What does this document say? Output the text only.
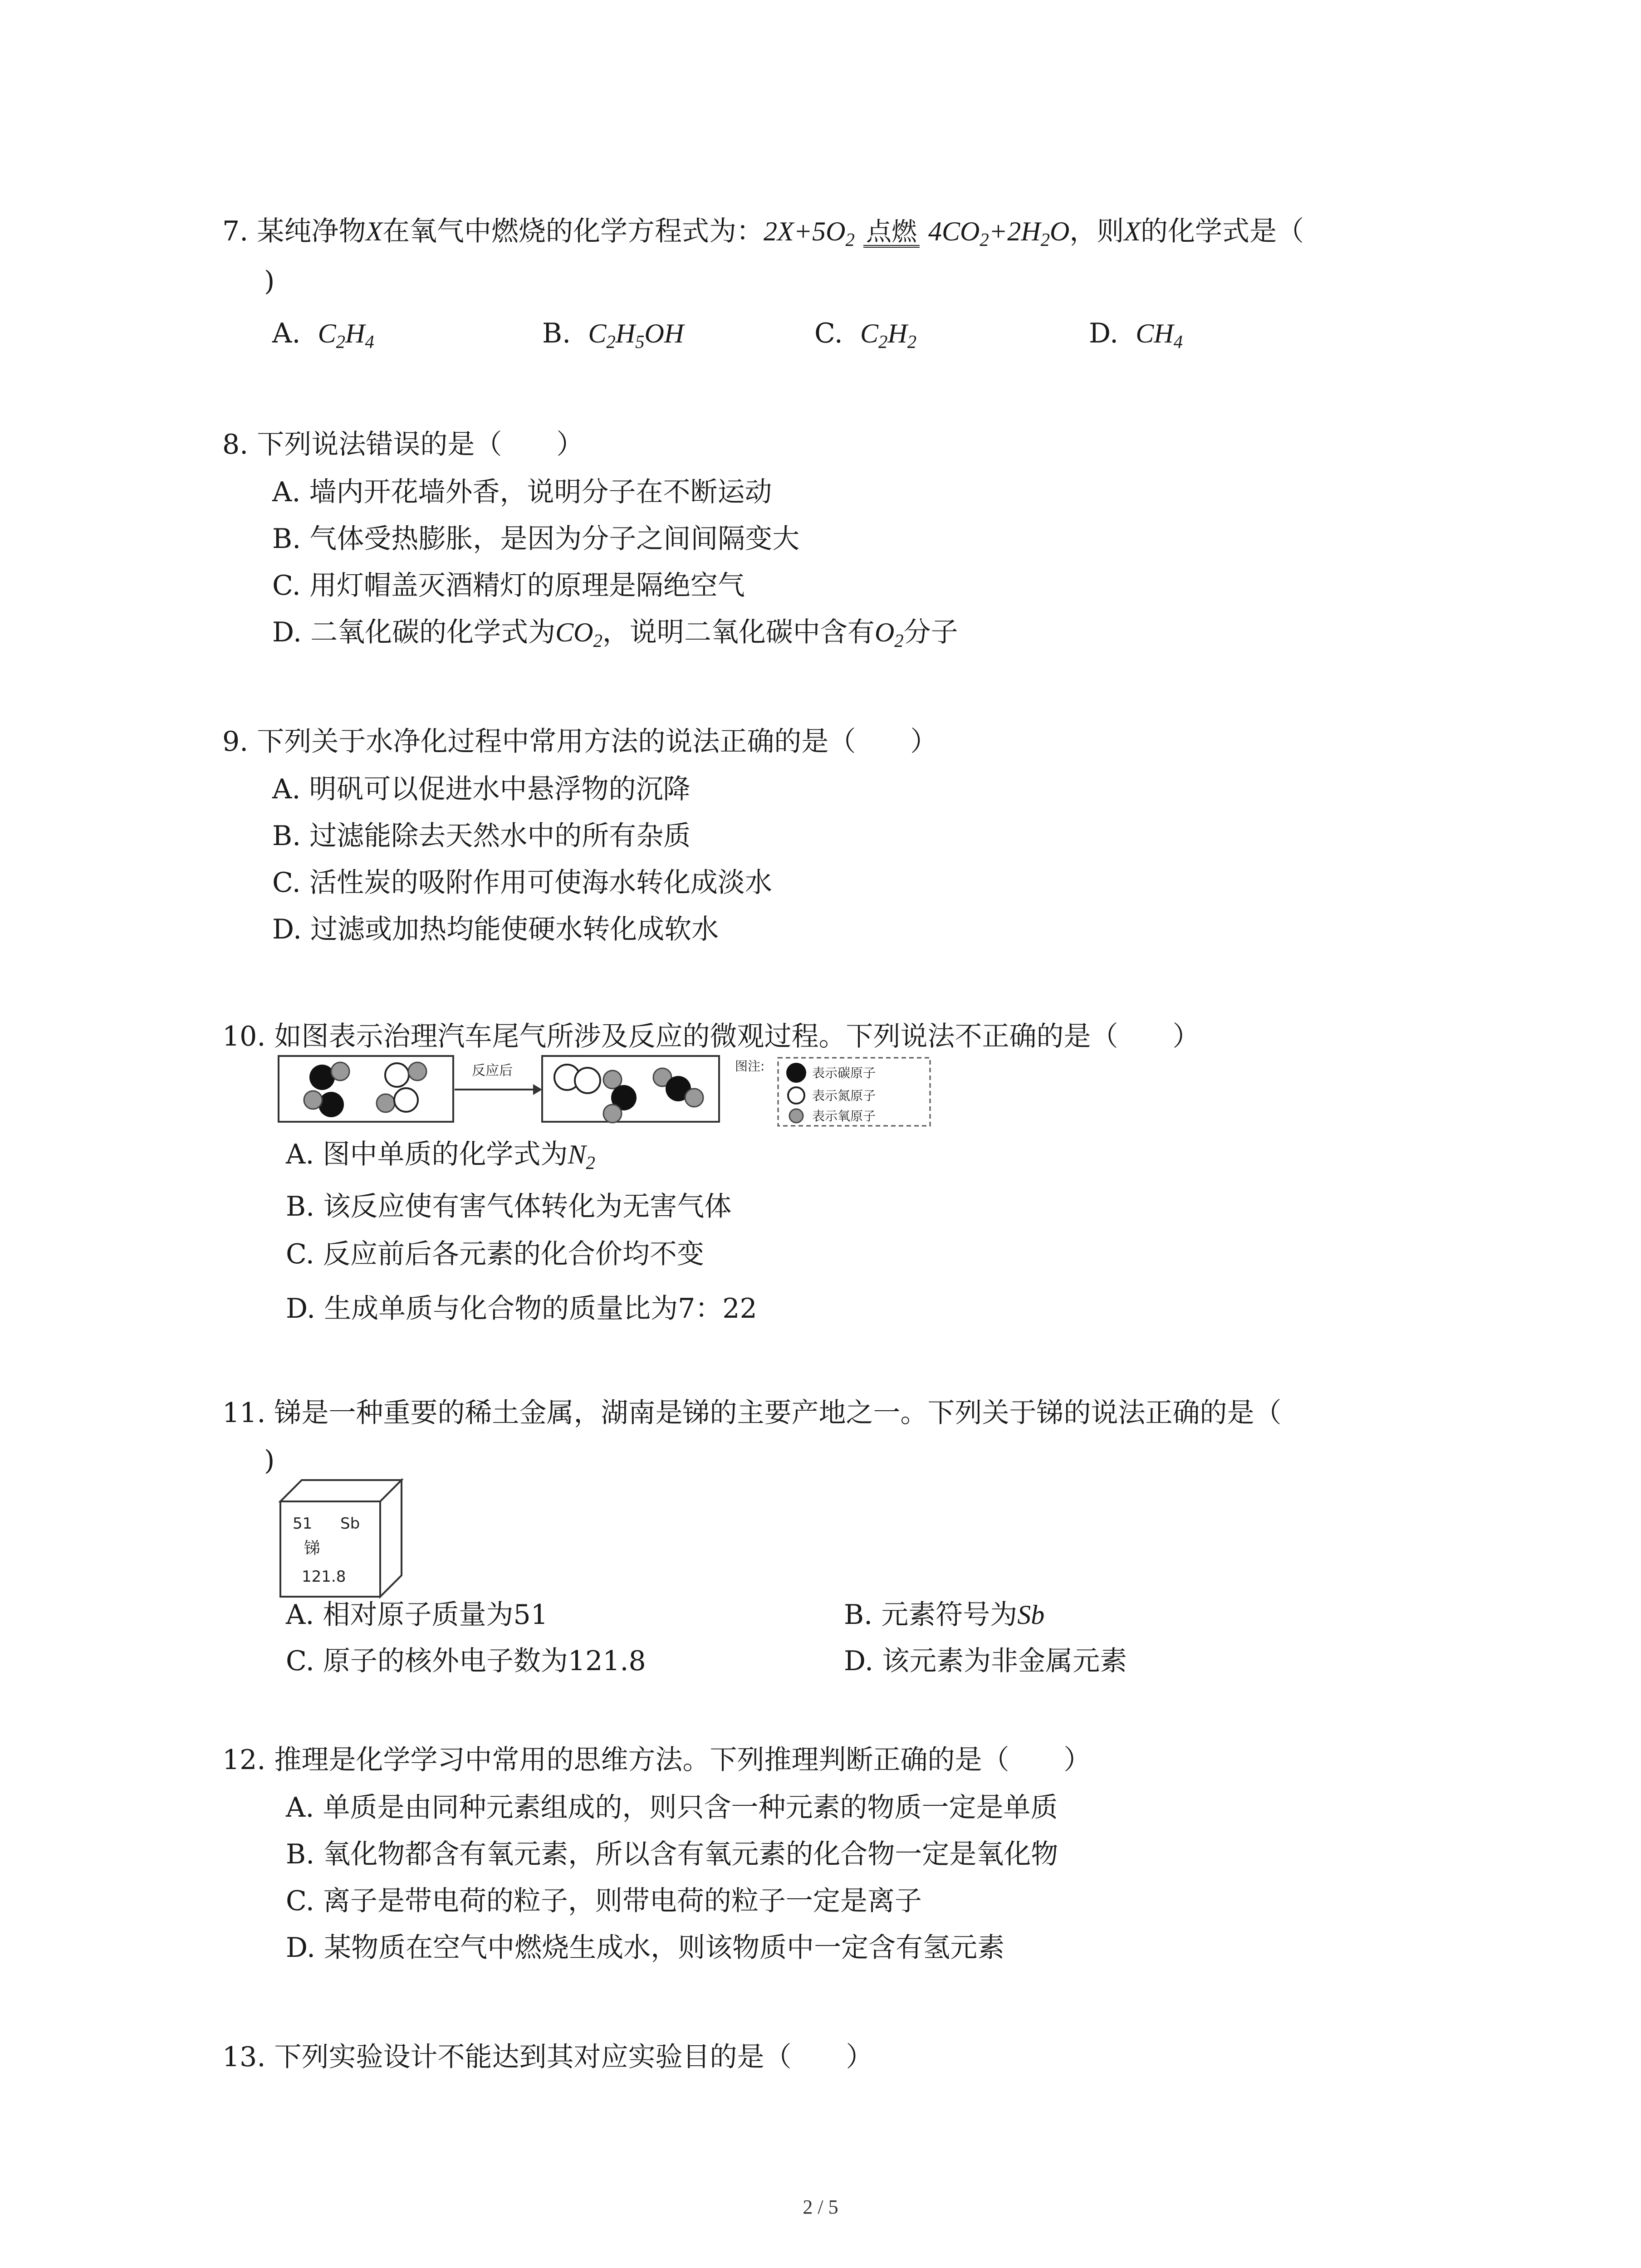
7. 某纯净物X在氧气中燃烧的化学方程式为：$2X+5O_2$ 点燃 $4CO_2+2H_2O$，则X的化学式是（
)
A. $C_2H_4$	B. $C_2H_5OH$	C. $C_2H_2$	D. $CH_4$
8. 下列说法错误的是（　　）
A. 墙内开花墙外香，说明分子在不断运动
B. 气体受热膨胀，是因为分子之间间隔变大
C. 用灯帽盖灭酒精灯的原理是隔绝空气
D. 二氧化碳的化学式为$CO_2$，说明二氧化碳中含有$O_2$分子
9. 下列关于水净化过程中常用方法的说法正确的是（　　）
A. 明矾可以促进水中悬浮物的沉降
B. 过滤能除去天然水中的所有杂质
C. 活性炭的吸附作用可使海水转化成淡水
D. 过滤或加热均能使硬水转化成软水
10. 如图表示治理汽车尾气所涉及反应的微观过程。下列说法不正确的是（　　）
反应后	图注:	表示碳原子
表示氮原子
表示氧原子
A. 图中单质的化学式为$N_2$
B. 该反应使有害气体转化为无害气体
C. 反应前后各元素的化合价均不变
D. 生成单质与化合物的质量比为7：22
11. 锑是一种重要的稀土金属，湖南是锑的主要产地之一。下列关于锑的说法正确的是（
)
51 Sb
锑
121.8
A. 相对原子质量为51	B. 元素符号为Sb
C. 原子的核外电子数为121.8	D. 该元素为非金属元素
12. 推理是化学学习中常用的思维方法。下列推理判断正确的是（　　）
A. 单质是由同种元素组成的，则只含一种元素的物质一定是单质
B. 氧化物都含有氧元素，所以含有氧元素的化合物一定是氧化物
C. 离子是带电荷的粒子，则带电荷的粒子一定是离子
D. 某物质在空气中燃烧生成水，则该物质中一定含有氢元素
13. 下列实验设计不能达到其对应实验目的是（　　）
2 / 5
